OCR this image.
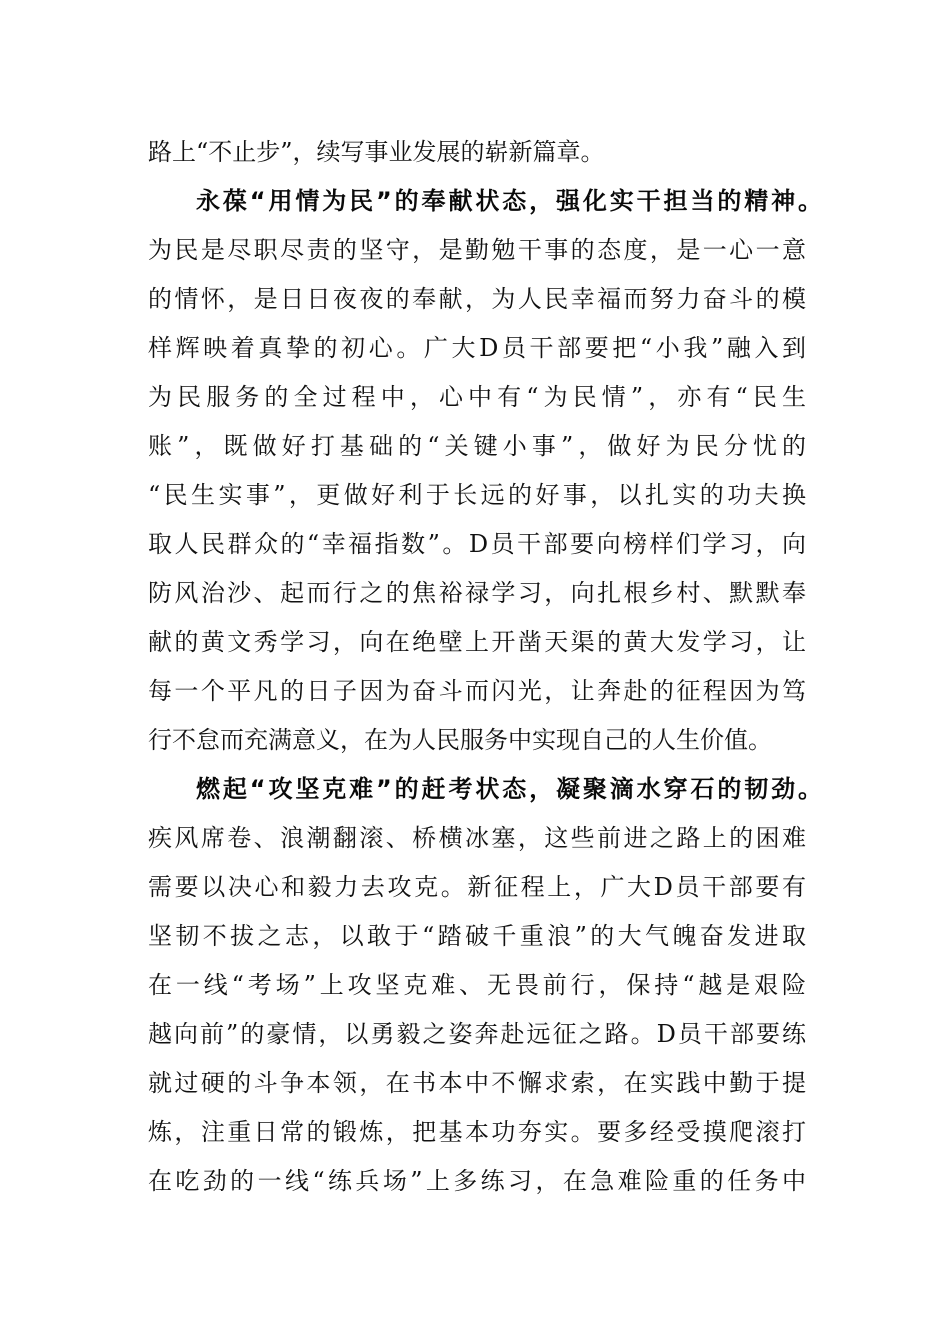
路上“不止步”，续写事业发展的崭新篇章。
永葆“用情为民”的奉献状态，强化实干担当的精神。
为民是尽职尽责的坚守，是勤勉干事的态度，是一心一意
的情怀，是日日夜夜的奉献，为人民幸福而努力奋斗的模
样辉映着真挚的初心。广大D员干部要把“小我”融入到
为民服务的全过程中，心中有“为民情”，亦有“民生
账”，既做好打基础的“关键小事”，做好为民分忧的
“民生实事”，更做好利于长远的好事，以扎实的功夫换
取人民群众的“幸福指数”。D员干部要向榜样们学习，向
防风治沙、起而行之的焦裕禄学习，向扎根乡村、默默奉
献的黄文秀学习，向在绝壁上开凿天渠的黄大发学习，让
每一个平凡的日子因为奋斗而闪光，让奔赴的征程因为笃
行不怠而充满意义，在为人民服务中实现自己的人生价值。
燃起“攻坚克难”的赶考状态，凝聚滴水穿石的韧劲。
疾风席卷、浪潮翻滚、桥横冰塞，这些前进之路上的困难
需要以决心和毅力去攻克。新征程上，广大D员干部要有
坚韧不拔之志，以敢于“踏破千重浪”的大气魄奋发进取
在一线“考场”上攻坚克难、无畏前行，保持“越是艰险
越向前”的豪情，以勇毅之姿奔赴远征之路。D员干部要练
就过硬的斗争本领，在书本中不懈求索，在实践中勤于提
炼，注重日常的锻炼，把基本功夯实。要多经受摸爬滚打
在吃劲的一线“练兵场”上多练习，在急难险重的任务中
